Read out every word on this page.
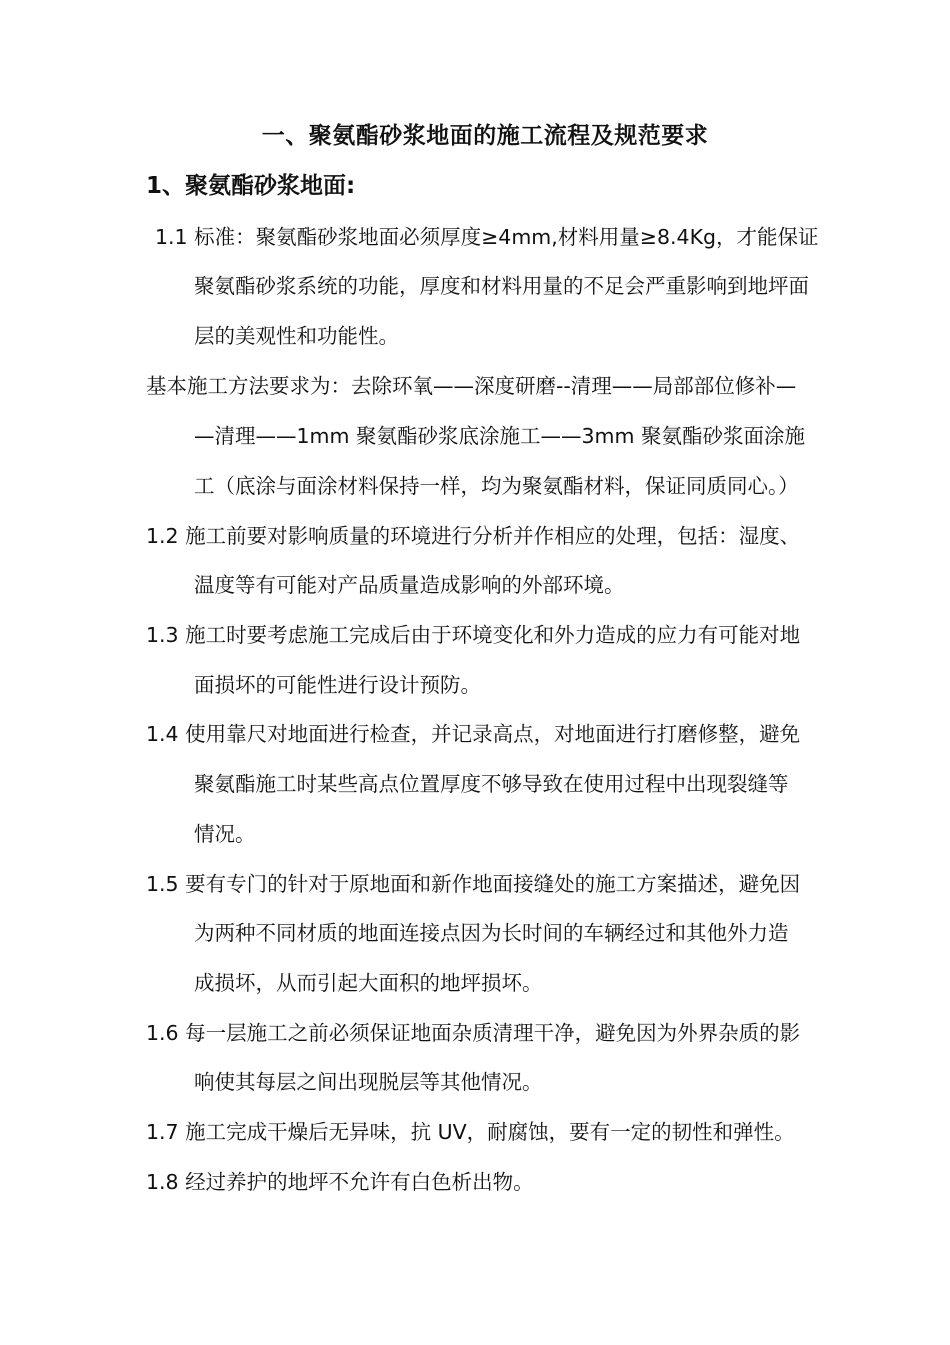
一、聚氨酯砂浆地面的施工流程及规范要求
1、聚氨酯砂浆地面:
1.1 标准：聚氨酯砂浆地面必须厚度≥4mm,材料用量≥8.4Kg，才能保证
聚氨酯砂浆系统的功能，厚度和材料用量的不足会严重影响到地坪面
层的美观性和功能性。
基本施工方法要求为：去除环氧——深度研磨--清理——局部部位修补—
—清理——1mm 聚氨酯砂浆底涂施工——3mm 聚氨酯砂浆面涂施
工（底涂与面涂材料保持一样，均为聚氨酯材料，保证同质同心。）
1.2 施工前要对影响质量的环境进行分析并作相应的处理，包括：湿度、
温度等有可能对产品质量造成影响的外部环境。
1.3 施工时要考虑施工完成后由于环境变化和外力造成的应力有可能对地
面损坏的可能性进行设计预防。
1.4 使用靠尺对地面进行检查，并记录高点，对地面进行打磨修整，避免
聚氨酯施工时某些高点位置厚度不够导致在使用过程中出现裂缝等
情况。
1.5 要有专门的针对于原地面和新作地面接缝处的施工方案描述，避免因
为两种不同材质的地面连接点因为长时间的车辆经过和其他外力造
成损坏，从而引起大面积的地坪损坏。
1.6 每一层施工之前必须保证地面杂质清理干净，避免因为外界杂质的影
响使其每层之间出现脱层等其他情况。
1.7 施工完成干燥后无异味，抗 UV，耐腐蚀，要有一定的韧性和弹性。
1.8 经过养护的地坪不允许有白色析出物。
